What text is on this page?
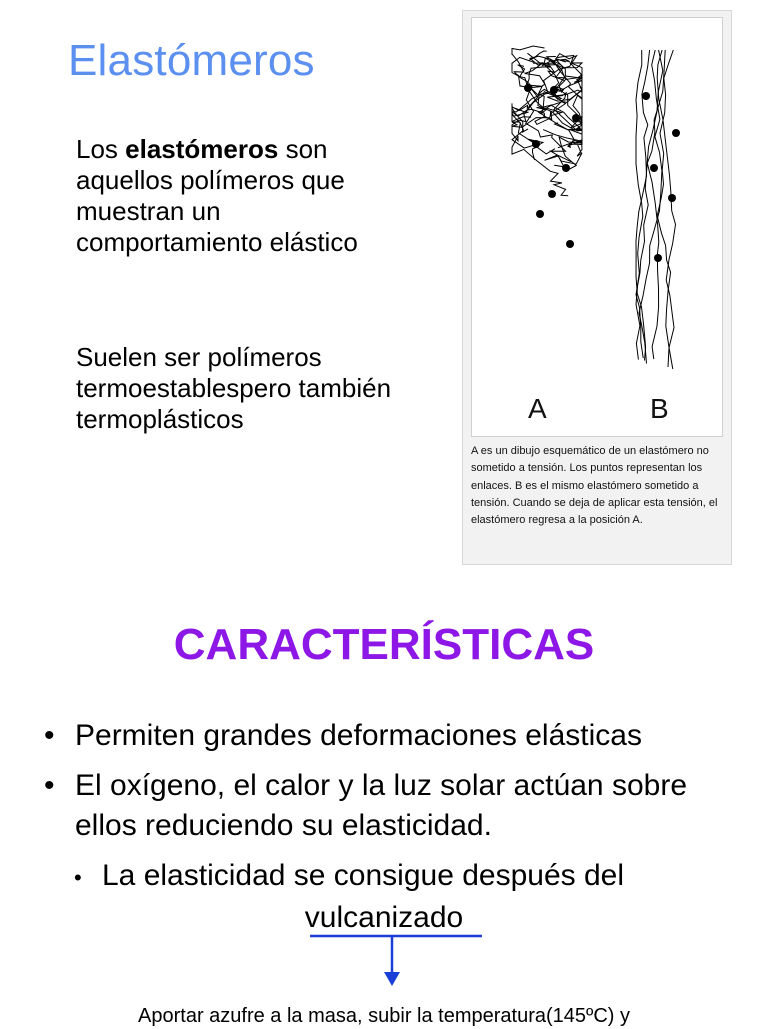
Elastómeros

Los elastómeros son aquellos polímeros que muestran un comportamiento elástico

Suelen ser polímeros termoestablespero también termoplásticos	A	B

A es un dibujo esquemático de un elastómero no sometido a tensión. Los puntos representan los enlaces. B es el mismo elastómero sometido a tensión. Cuando se deja de aplicar esta tensión, el elastómero regresa a la posición A.

CARACTERÍSTICAS
• Permiten grandes deformaciones elásticas
• El oxígeno, el calor y la luz solar actúan sobre ellos reduciendo su elasticidad.
• La elasticidad se consigue después del
vulcanizado
Aportar azufre a la masa, subir la temperatura(145ºC) y
